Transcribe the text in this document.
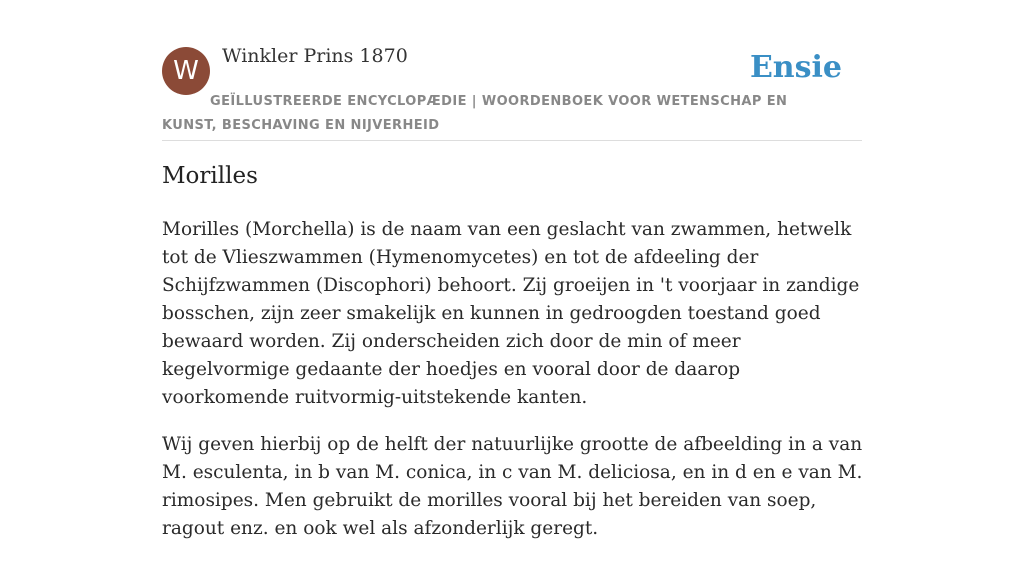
W	Winkler Prins 1870	Ensie
GEÏLLUSTREERDE ENCYCLOPÆDIE | WOORDENBOEK VOOR WETENSCHAP EN KUNST, BESCHAVING EN NIJVERHEID
Morilles

Morilles (Morchella) is de naam van een geslacht van zwammen, hetwelk tot de Vlieszwammen (Hymenomycetes) en tot de afdeeling der Schijfzwammen (Discophori) behoort. Zij groeijen in 't voorjaar in zandige bosschen, zijn zeer smakelijk en kunnen in gedroogden toestand goed bewaard worden. Zij onderscheiden zich door de min of meer kegelvormige gedaante der hoedjes en vooral door de daarop voorkomende ruitvormig-uitstekende kanten.

Wij geven hierbij op de helft der natuurlijke grootte de afbeelding in a van M. esculenta, in b van M. conica, in c van M. deliciosa, en in d en e van M. rimosipes. Men gebruikt de morilles vooral bij het bereiden van soep, ragout enz. en ook wel als afzonderlijk geregt.
